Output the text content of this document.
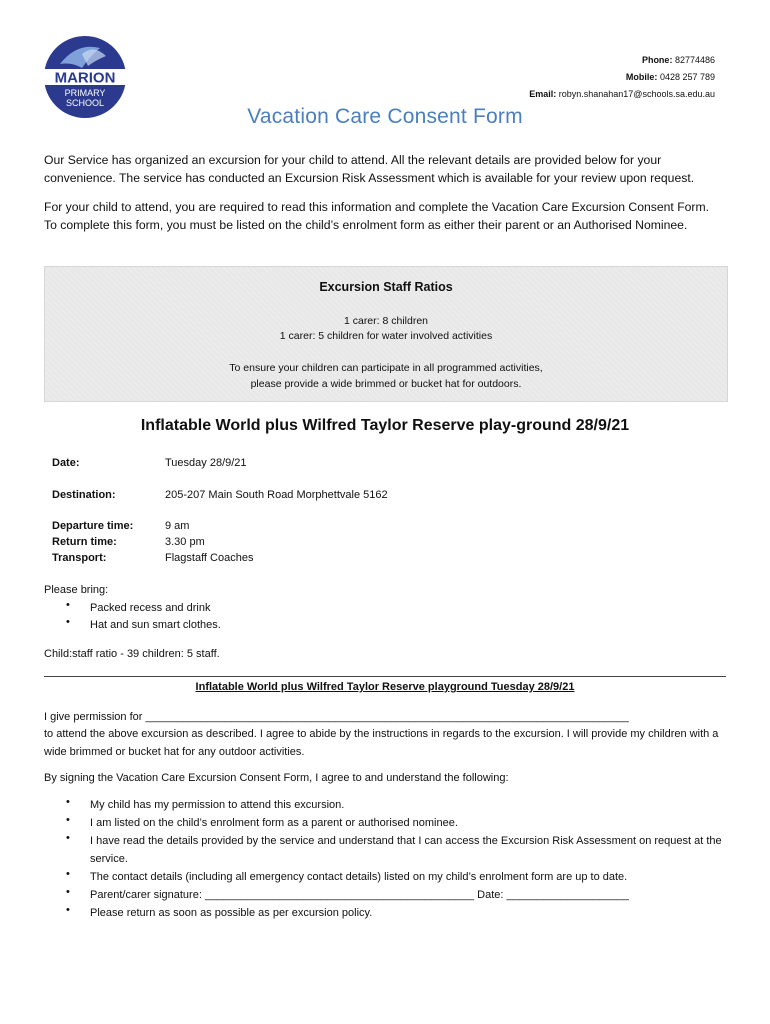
MARION
PRIMARY
SCHOOL
Phone: 82774486
Mobile: 0428 257 789
Email: robyn.shanahan17@schools.sa.edu.au
Vacation Care Consent Form
Our Service has organized an excursion for your child to attend. All the relevant details are provided below for your convenience. The service has conducted an Excursion Risk Assessment which is available for your review upon request.
For your child to attend, you are required to read this information and complete the Vacation Care Excursion Consent Form. To complete this form, you must be listed on the child’s enrolment form as either their parent or an Authorised Nominee.
Excursion Staff Ratios
1 carer: 8 children
1 carer: 5 children for water involved activities
To ensure your children can participate in all programmed activities,
please provide a wide brimmed or bucket hat for outdoors.
Inflatable World plus Wilfred Taylor Reserve play-ground 28/9/21
Date:	Tuesday 28/9/21
Destination:	205-207 Main South Road Morphettvale 5162
Departure time:	9 am
Return time:	3.30 pm
Transport:	Flagstaff Coaches
Please bring:
• Packed recess and drink
• Hat and sun smart clothes.
Child:staff ratio - 39 children: 5 staff.
Inflatable World plus Wilfred Taylor Reserve playground Tuesday 28/9/21
I give permission for _______________________________________________________________________________
to attend the above excursion as described. I agree to abide by the instructions in regards to the excursion. I will provide my children with a wide brimmed or bucket hat for any outdoor activities.
By signing the Vacation Care Excursion Consent Form, I agree to and understand the following:
• My child has my permission to attend this excursion.
• I am listed on the child’s enrolment form as a parent or authorised nominee.
• I have read the details provided by the service and understand that I can access the Excursion Risk Assessment on request at the service.
• The contact details (including all emergency contact details) listed on my child’s enrolment form are up to date.
• Parent/carer signature: ____________________________________________ Date: ____________________
• Please return as soon as possible as per excursion policy.
